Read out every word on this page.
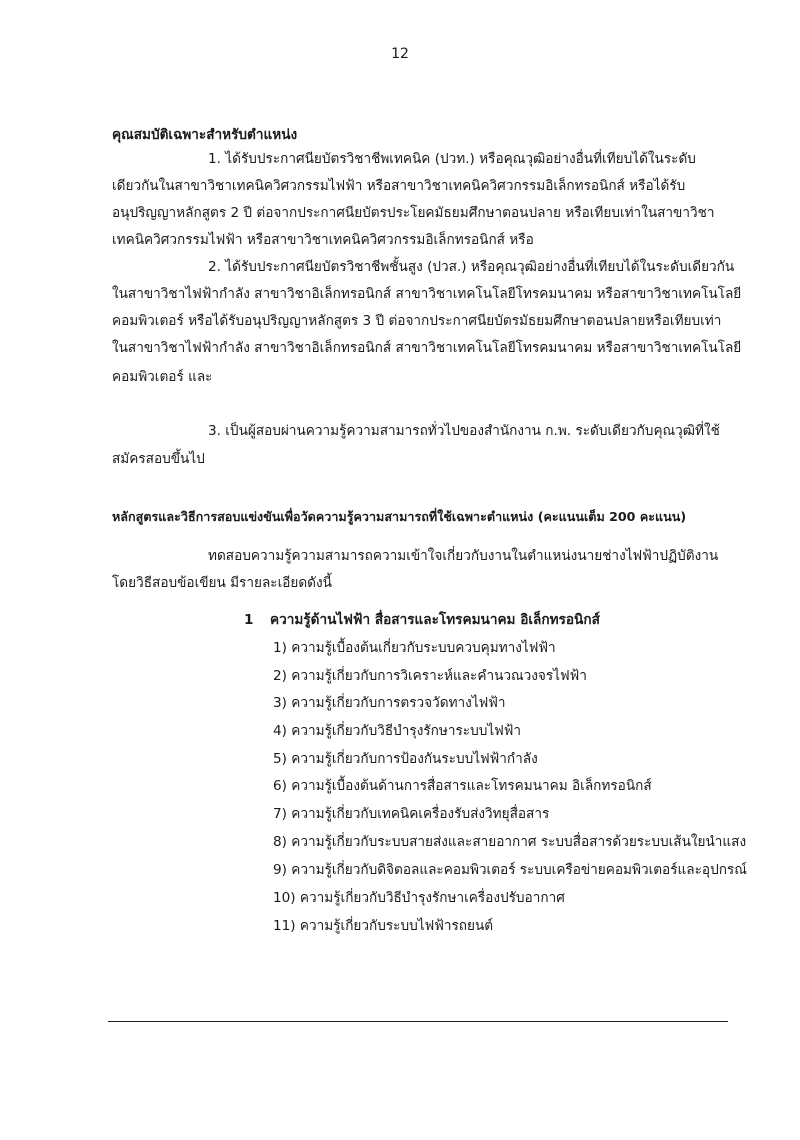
12
คุณสมบัติเฉพาะสำหรับตำแหน่ง
1. ได้รับประกาศนียบัตรวิชาชีพเทคนิค (ปวท.) หรือคุณวุฒิอย่างอื่นที่เทียบได้ในระดับ
เดียวกันในสาขาวิชาเทคนิควิศวกรรมไฟฟ้า หรือสาขาวิชาเทคนิควิศวกรรมอิเล็กทรอนิกส์ หรือได้รับ
อนุปริญญาหลักสูตร 2 ปี ต่อจากประกาศนียบัตรประโยคมัธยมศึกษาตอนปลาย หรือเทียบเท่าในสาขาวิชา
เทคนิควิศวกรรมไฟฟ้า หรือสาขาวิชาเทคนิควิศวกรรมอิเล็กทรอนิกส์ หรือ
2. ได้รับประกาศนียบัตรวิชาชีพชั้นสูง (ปวส.) หรือคุณวุฒิอย่างอื่นที่เทียบได้ในระดับเดียวกัน
ในสาขาวิชาไฟฟ้ากำลัง สาขาวิชาอิเล็กทรอนิกส์ สาขาวิชาเทคโนโลยีโทรคมนาคม หรือสาขาวิชาเทคโนโลยี
คอมพิวเตอร์ หรือได้รับอนุปริญญาหลักสูตร 3 ปี ต่อจากประกาศนียบัตรมัธยมศึกษาตอนปลายหรือเทียบเท่า
ในสาขาวิชาไฟฟ้ากำลัง สาขาวิชาอิเล็กทรอนิกส์ สาขาวิชาเทคโนโลยีโทรคมนาคม หรือสาขาวิชาเทคโนโลยี
คอมพิวเตอร์ และ
3. เป็นผู้สอบผ่านความรู้ความสามารถทั่วไปของสำนักงาน ก.พ. ระดับเดียวกับคุณวุฒิที่ใช้
สมัครสอบขึ้นไป
หลักสูตรและวิธีการสอบแข่งขันเพื่อวัดความรู้ความสามารถที่ใช้เฉพาะตำแหน่ง (คะแนนเต็ม 200 คะแนน)
ทดสอบความรู้ความสามารถความเข้าใจเกี่ยวกับงานในตำแหน่งนายช่างไฟฟ้าปฏิบัติงาน
โดยวิธีสอบข้อเขียน มีรายละเอียดดังนี้
1 ความรู้ด้านไฟฟ้า สื่อสารและโทรคมนาคม อิเล็กทรอนิกส์
1) ความรู้เบื้องต้นเกี่ยวกับระบบควบคุมทางไฟฟ้า
2) ความรู้เกี่ยวกับการวิเคราะห์และคำนวณวงจรไฟฟ้า
3) ความรู้เกี่ยวกับการตรวจวัดทางไฟฟ้า
4) ความรู้เกี่ยวกับวิธีบำรุงรักษาระบบไฟฟ้า
5) ความรู้เกี่ยวกับการป้องกันระบบไฟฟ้ากำลัง
6) ความรู้เบื้องต้นด้านการสื่อสารและโทรคมนาคม อิเล็กทรอนิกส์
7) ความรู้เกี่ยวกับเทคนิคเครื่องรับส่งวิทยุสื่อสาร
8) ความรู้เกี่ยวกับระบบสายส่งและสายอากาศ ระบบสื่อสารด้วยระบบเส้นใยนำแสง
9) ความรู้เกี่ยวกับดิจิตอลและคอมพิวเตอร์ ระบบเครือข่ายคอมพิวเตอร์และอุปกรณ์
10) ความรู้เกี่ยวกับวิธีบำรุงรักษาเครื่องปรับอากาศ
11) ความรู้เกี่ยวกับระบบไฟฟ้ารถยนต์
